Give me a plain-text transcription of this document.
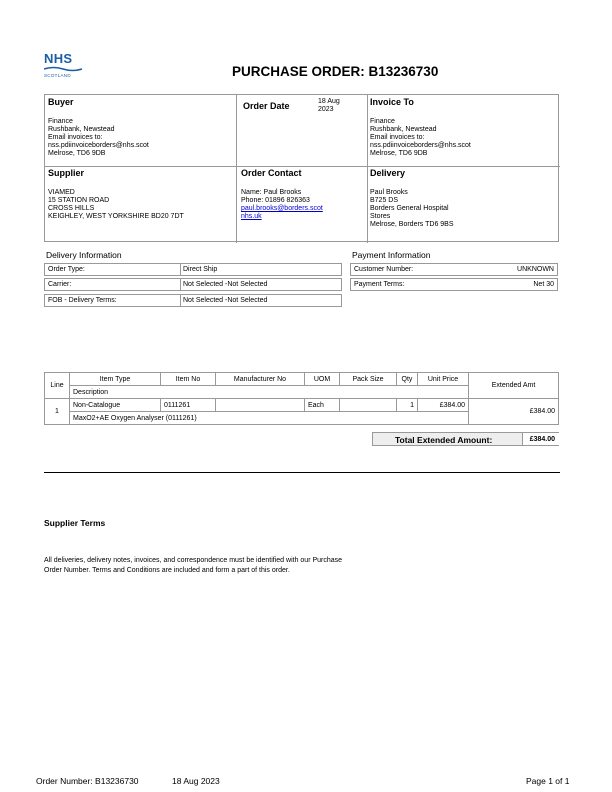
NHS
SCOTLAND	PURCHASE ORDER: B13236730
Buyer
Finance
Rushbank, Newstead
Email invoices to:
nss.pdiinvoiceborders@nhs.scot
Melrose, TD6 9DB
Order Date	18 Aug
2023
Invoice To
Finance
Rushbank, Newstead
Email invoices to:
nss.pdiinvoiceborders@nhs.scot
Melrose, TD6 9DB
Supplier
VIAMED
15 STATION ROAD
CROSS HILLS
KEIGHLEY, WEST YORKSHIRE BD20 7DT
Order Contact
Name: Paul Brooks
Phone: 01896 826363
paul.brooks@borders.scot
nhs.uk
Delivery
Paul Brooks
B725 DS
Borders General Hospital
Stores
Melrose, Borders TD6 9BS
Delivery Information
Order Type:	Direct Ship
Carrier:	Not Selected -Not Selected
FOB - Delivery Terms:	Not Selected -Not Selected
Payment Information
Customer Number:	UNKNOWN
Payment Terms:	Net 30
Line	Item Type	Item No	Manufacturer No	UOM	Pack Size	Qty	Unit Price	Extended Amt
	Description							
1	Non-Catalogue	0111261		Each		1	£384.00	£384.00
	MaxO2+AE Oxygen Analyser (0111261)							
Total Extended Amount:	£384.00
Supplier Terms
All deliveries, delivery notes, invoices, and correspondence must be identified with our Purchase
Order Number. Terms and Conditions are included and form a part of this order.
Order Number: B13236730	18 Aug 2023	Page 1 of 1
